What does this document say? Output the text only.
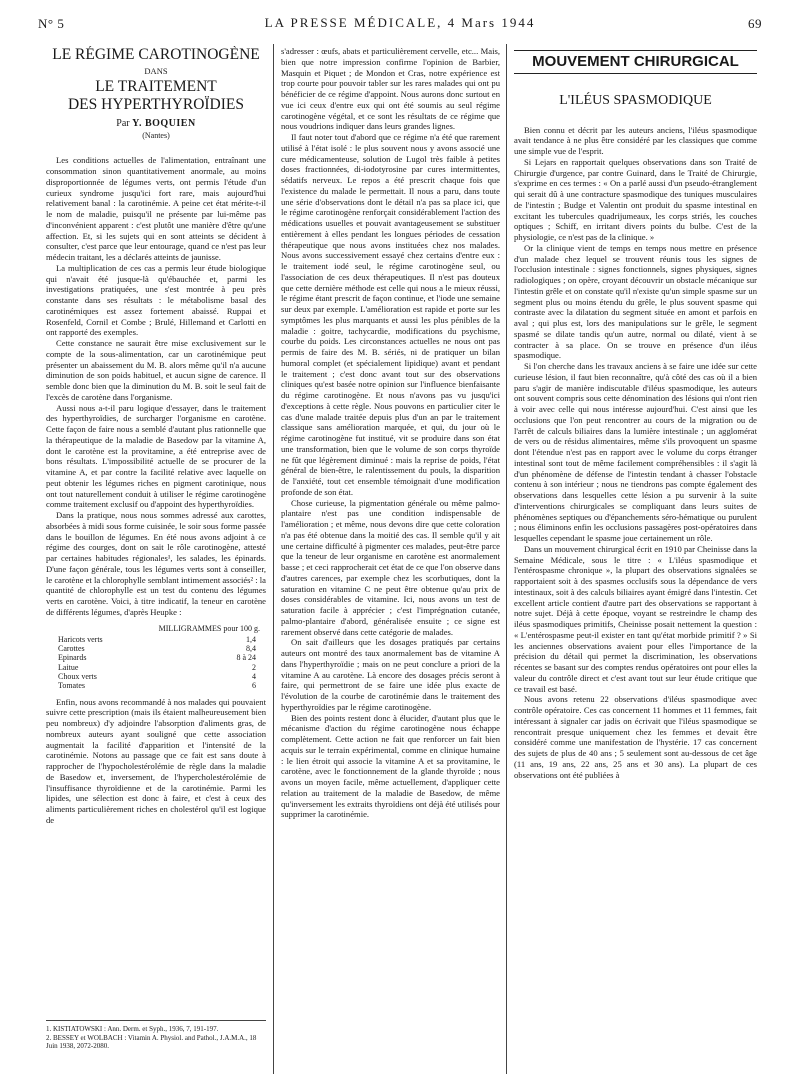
N° 5	LA PRESSE MÉDICALE, 4 Mars 1944	69
LE RÉGIME CAROTINOGÈNE
DANS
LE TRAITEMENT
DES HYPERTHYROÏDIES
Par Y. BOQUIEN
(Nantes)

Les conditions actuelles de l'alimentation, entraînant une consommation sinon quantitativement anormale, au moins disproportionnée de légumes verts, ont permis l'étude d'un curieux syndrome jusqu'ici fort rare, mais aujourd'hui relativement banal : la carotinémie. A peine cet état mérite-t-il le nom de maladie, puisqu'il ne présente par lui-même pas d'inconvénient apparent : c'est plutôt une manière d'être qu'une affection. Et, si les sujets qui en sont atteints se décident à consulter, c'est parce que leur entourage, quand ce n'est pas leur médecin traitant, les a déclarés atteints de jaunisse.

La multiplication de ces cas a permis leur étude biologique qui n'avait été jusque-là qu'ébauchée et, parmi les investigations pratiquées, une s'est montrée à peu près constante dans ses résultats : le métabolisme basal des carotinémiques est assez fortement abaissé. Ruppai et Rosenfeld, Cornil et Combe ; Brulé, Hillemand et Carlotti en ont rapporté des exemples.

Cette constance ne saurait être mise exclusivement sur le compte de la sous-alimentation, car un carotinémique peut présenter un abaissement du M. B. alors même qu'il n'a aucune diminution de son poids habituel, et aucun signe de carence. Il semble donc bien que la diminution du M. B. soit le seul fait de l'excès de carotène dans l'organisme.

Aussi nous a-t-il paru logique d'essayer, dans le traitement des hyperthyroïdies, de surcharger l'organisme en carotène. Cette façon de faire nous a semblé d'autant plus rationnelle que la thérapeutique de la maladie de Basedow par la vitamine A, dont le carotène est la provitamine, a été entreprise avec de bons résultats. L'impossibilité actuelle de se procurer de la vitamine A, et par contre la facilité relative avec laquelle on peut obtenir les légumes riches en pigment carotinique, nous ont tout naturellement conduit à utiliser le régime carotinogène comme traitement exclusif ou d'appoint des hyperthyroïdies.

Dans la pratique, nous nous sommes adressé aux carottes, absorbées à midi sous forme cuisinée, le soir sous forme passée dans le bouillon de légumes. En été nous avons adjoint à ce régime des courges, dont on sait le rôle carotinogène, attesté par certaines habitudes régionales¹, les salades, les épinards. D'une façon générale, tous les légumes verts sont à conseiller, le carotène et la chlorophylle semblant intimement associés² : la quantité de chlorophylle est un test du contenu des légumes verts en carotène. Voici, à titre indicatif, la teneur en carotène de différents légumes, d'après Heupke :

MILLIGRAMMES pour 100 g.
Haricots verts	1,4
Carottes	8,4
Epinards	8 à 24
Laitue	2
Choux verts	4
Tomates	6

Enfin, nous avons recommandé à nos malades qui pouvaient suivre cette prescription (mais ils étaient malheureusement bien peu nombreux) d'y adjoindre l'absorption d'aliments gras, de nombreux auteurs ayant souligné que cette association augmentait la facilité d'apparition et l'intensité de la carotinémie. Notons au passage que ce fait est sans doute à rapprocher de l'hypocholestérolémie de règle dans la maladie de Basedow et, inversement, de l'hypercholestérolémie de l'insuffisance thyroïdienne et de la carotinémie. Parmi les lipides, une sélection est donc à faire, et c'est à ceux des aliments particulièrement riches en cholestérol qu'il est logique de

1. KISTIATOWSKI : Ann. Derm. et Syph., 1936, 7, 191-197.
2. BESSEY et WOLBACH : Vitamin A. Physiol. and Pathol., J.A.M.A., 18 Juin 1938, 2072-2080.

s'adresser : œufs, abats et particulièrement cervelle, etc... Mais, bien que notre impression confirme l'opinion de Barbier, Masquin et Piquet ; de Mondon et Cras, notre expérience est trop courte pour pouvoir tabler sur les rares malades qui ont pu bénéficier de ce régime d'appoint. Nous aurons donc surtout en vue ici ceux d'entre eux qui ont été soumis au seul régime carotinogène végétal, et ce sont les résultats de ce régime que nous voudrions indiquer dans leurs grandes lignes.

Il faut noter tout d'abord que ce régime n'a été que rarement utilisé à l'état isolé : le plus souvent nous y avons associé une cure médicamenteuse, solution de Lugol très faible à petites doses fractionnées, di-iodotyrosine par cures intermittentes, sédatifs nerveux. Le repos a été prescrit chaque fois que l'existence du malade le permettait. Il nous a paru, dans toute une série d'observations dont le détail n'a pas sa place ici, que le régime carotinogène renforçait considérablement l'action des médications usuelles et pouvait avantageusement se substituer entièrement à elles pendant les longues périodes de cessation thérapeutique que nous avons instituées chez nos malades. Nous avons successivement essayé chez certains d'entre eux : le traitement iodé seul, le régime carotinogène seul, ou l'association de ces deux thérapeutiques. Il n'est pas douteux que cette dernière méthode est celle qui nous a le mieux réussi, le régime étant prescrit de façon continue, et l'iode une semaine sur deux par exemple. L'amélioration est rapide et porte sur les symptômes les plus marquants et aussi les plus pénibles de la maladie : goitre, tachycardie, modifications du psychisme, courbe du poids. Les circonstances actuelles ne nous ont pas permis de faire des M. B. sériés, ni de pratiquer un bilan humoral complet (et spécialement lipidique) avant et pendant le traitement ; c'est donc avant tout sur des observations cliniques qu'est basée notre opinion sur l'influence bienfaisante du régime carotinogène. Et nous n'avons pas vu jusqu'ici d'exceptions à cette règle. Nous pouvons en particulier citer le cas d'une malade traitée depuis plus d'un an par le traitement classique sans amélioration marquée, et qui, du jour où le régime carotinogène fut institué, vit se produire dans son état une transformation, bien que le volume de son corps thyroïde ne fût que légèrement diminué : mais la reprise de poids, l'état général de bien-être, le ralentissement du pouls, la disparition de l'anxiété, tout cet ensemble témoignait d'une modification profonde de son état.

Chose curieuse, la pigmentation générale ou même palmo-plantaire n'est pas une condition indispensable de l'amélioration ; et même, nous devons dire que cette coloration n'a pas été obtenue dans la moitié des cas. Il semble qu'il y ait une certaine difficulté à pigmenter ces malades, peut-être parce que la teneur de leur organisme en carotène est anormalement basse ; et ceci rapprocherait cet état de ce que l'on observe dans d'autres carences, par exemple chez les scorbutiques, dont la saturation en vitamine C ne peut être obtenue qu'au prix de doses considérables de vitamine. Ici, nous avons un test de saturation facile à apprécier ; c'est l'imprégnation cutanée, palmo-plantaire d'abord, généralisée ensuite ; ce signe est rarement observé dans cette catégorie de malades.

On sait d'ailleurs que les dosages pratiqués par certains auteurs ont montré des taux anormalement bas de vitamine A dans l'hyperthyroïdie ; mais on ne peut conclure a priori de la vitamine A au carotène. Là encore des dosages précis seront à faire, qui permettront de se faire une idée plus exacte de l'évolution de la courbe de carotinémie dans le traitement des hyperthyroïdies par le régime carotinogène.

Bien des points restent donc à élucider, d'autant plus que le mécanisme d'action du régime carotinogène nous échappe complètement. Cette action ne fait que renforcer un fait bien acquis sur le terrain expérimental, comme en clinique humaine : le lien étroit qui associe la vitamine A et sa provitamine, le carotène, avec le fonctionnement de la glande thyroïde ; nous avons un moyen facile, même actuellement, d'appliquer cette relation au traitement de la maladie de Basedow, de même qu'inversement les extraits thyroïdiens ont déjà été utilisés pour supprimer la carotinémie.

MOUVEMENT CHIRURGICAL
L'ILÉUS SPASMODIQUE

Bien connu et décrit par les auteurs anciens, l'iléus spasmodique avait tendance à ne plus être considéré par les classiques que comme une simple vue de l'esprit.

Si Lejars en rapportait quelques observations dans son Traité de Chirurgie d'urgence, par contre Guinard, dans le Traité de Chirurgie, s'exprime en ces termes : « On a parlé aussi d'un pseudo-étranglement qui serait dû à une contracture spasmodique des tuniques musculaires de l'intestin ; Budge et Valentin ont produit du spasme intestinal en excitant les tubercules quadrijumeaux, les corps striés, les couches optiques ; Schiff, en irritant divers points du bulbe. C'est de la physiologie, ce n'est pas de la clinique. »

Or la clinique vient de temps en temps nous mettre en présence d'un malade chez lequel se trouvent réunis tous les signes de l'occlusion intestinale : signes fonctionnels, signes physiques, signes radiologiques ; on opère, croyant découvrir un obstacle mécanique sur l'intestin grêle et on constate qu'il n'existe qu'un simple spasme sur un segment plus ou moins étendu du grêle, le plus souvent spasme qui contraste avec la dilatation du segment située en amont et parfois en aval ; qui plus est, lors des manipulations sur le grêle, le segment spasmé se dilate tandis qu'un autre, normal ou dilaté, vient à se contracter à sa place. On se trouve en présence d'un iléus spasmodique.

Si l'on cherche dans les travaux anciens à se faire une idée sur cette curieuse lésion, il faut bien reconnaître, qu'à côté des cas où il a bien paru s'agir de manière indiscutable d'iléus spasmodique, les auteurs ont souvent compris sous cette dénomination des lésions qui n'ont rien à voir avec celle qui nous intéresse aujourd'hui. C'est ainsi que les occlusions que l'on peut rencontrer au cours de la migration ou de l'arrêt de calculs biliaires dans la lumière intestinale ; un agglomérat de vers ou de résidus alimentaires, même s'ils provoquent un spasme dont l'étendue n'est pas en rapport avec le volume du corps étranger intestinal sont tout de même facilement compréhensibles : il s'agit là d'un phénomène de défense de l'intestin tendant à chasser l'obstacle contenu à son intérieur ; nous ne tiendrons pas compte également des observations dans lesquelles cette lésion a pu survenir à la suite d'interventions chirurgicales se compliquant dans leurs suites de phénomènes septiques ou d'épanchements séro-hématique ou purulent ; nous éliminons enfin les occlusions passagères post-opératoires dans lesquelles cependant le spasme joue certainement un rôle.

Dans un mouvement chirurgical écrit en 1910 par Cheinisse dans la Semaine Médicale, sous le titre : « L'iléus spasmodique et l'entérospasme chronique », la plupart des observations signalées se rapportaient soit à des spasmes occlusifs sous la dépendance de vers intestinaux, soit à des calculs biliaires ayant émigré dans l'intestin. Cet excellent article contient d'autre part des observations se rapportant à notre sujet. Déjà à cette époque, voyant se restreindre le champ des iléus spasmodiques primitifs, Cheinisse posait nettement la question : « L'entérospasme peut-il exister en tant qu'état morbide primitif ? » Si les anciennes observations avaient pour elles l'importance de la précision du détail qui permet la discrimination, les observations récentes se basant sur des comptes rendus opératoires ont pour elles la valeur du contrôle direct et c'est avant tout sur leur étude critique que ce travail est basé.

Nous avons retenu 22 observations d'iléus spasmodique avec contrôle opératoire. Ces cas concernent 11 hommes et 11 femmes, fait intéressant à signaler car jadis on écrivait que l'iléus spasmodique se rencontrait presque uniquement chez les femmes et devait être considéré comme une manifestation de l'hystérie. 17 cas concernent des sujets de plus de 40 ans ; 5 seulement sont au-dessous de cet âge (11 ans, 19 ans, 22 ans, 25 ans et 30 ans). La plupart de ces observations ont été publiées à
